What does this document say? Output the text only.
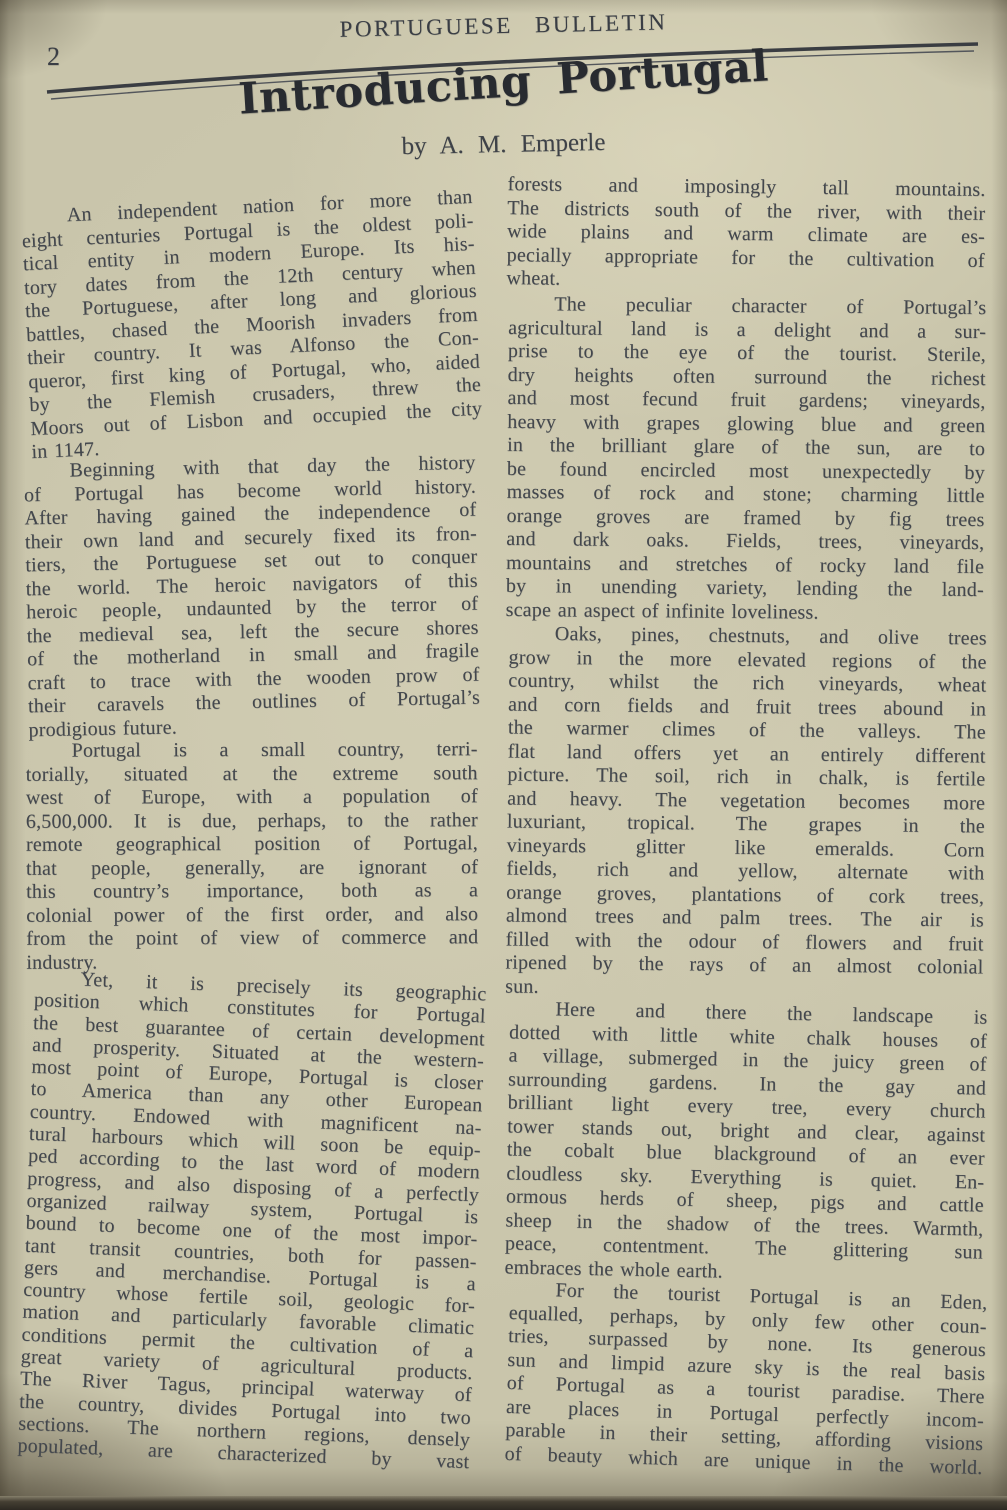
PORTUGUESE BULLETIN
2	Introducing Portugal
by A. M. Emperle

An independent nation for more than
eight centuries Portugal is the oldest poli-
tical entity in modern Europe. Its his-
tory dates from the 12th century when
the Portuguese, after long and glorious
battles, chased the Moorish invaders from
their country. It was Alfonso the Con-
queror, first king of Portugal, who, aided
by the Flemish crusaders, threw the
Moors out of Lisbon and occupied the city
in 1147.

Beginning with that day the history
of Portugal has become world history.
After having gained the independence of
their own land and securely fixed its fron-
tiers, the Portuguese set out to conquer
the world. The heroic navigators of this
heroic people, undaunted by the terror of
the medieval sea, left the secure shores
of the motherland in small and fragile
craft to trace with the wooden prow of
their caravels the outlines of Portugal’s
prodigious future.

Portugal is a small country, terri-
torially, situated at the extreme south
west of Europe, with a population of
6,500,000. It is due, perhaps, to the rather
remote geographical position of Portugal,
that people, generally, are ignorant of
this country’s importance, both as a
colonial power of the first order, and also
from the point of view of commerce and
industry.

Yet, it is precisely its geographic
position which constitutes for Portugal
the best guarantee of certain development
and prosperity. Situated at the western-
most point of Europe, Portugal is closer
to America than any other European
country. Endowed with magnificent na-
tural harbours which will soon be equip-
ped according to the last word of modern
progress, and also disposing of a perfectly
organized railway system, Portugal is
bound to become one of the most impor-
tant transit countries, both for passen-
gers and merchandise. Portugal is a
country whose fertile soil, geologic for-
mation and particularly favorable climatic
conditions permit the cultivation of a
great variety of agricultural products.
The River Tagus, principal waterway of
the country, divides Portugal into two
sections. The northern regions, densely
populated, are characterized by vast

forests and imposingly tall mountains.
The districts south of the river, with their
wide plains and warm climate are es-
pecially appropriate for the cultivation of
wheat.

The peculiar character of Portugal’s
agricultural land is a delight and a sur-
prise to the eye of the tourist. Sterile,
dry heights often surround the richest
and most fecund fruit gardens; vineyards,
heavy with grapes glowing blue and green
in the brilliant glare of the sun, are to
be found encircled most unexpectedly by
masses of rock and stone; charming little
orange groves are framed by fig trees
and dark oaks. Fields, trees, vineyards,
mountains and stretches of rocky land file
by in unending variety, lending the land-
scape an aspect of infinite loveliness.

Oaks, pines, chestnuts, and olive trees
grow in the more elevated regions of the
country, whilst the rich vineyards, wheat
and corn fields and fruit trees abound in
the warmer climes of the valleys. The
flat land offers yet an entirely different
picture. The soil, rich in chalk, is fertile
and heavy. The vegetation becomes more
luxuriant, tropical. The grapes in the
vineyards glitter like emeralds. Corn
fields, rich and yellow, alternate with
orange groves, plantations of cork trees,
almond trees and palm trees. The air is
filled with the odour of flowers and fruit
ripened by the rays of an almost colonial
sun.

Here and there the landscape is
dotted with little white chalk houses of
a village, submerged in the juicy green of
surrounding gardens. In the gay and
brilliant light every tree, every church
tower stands out, bright and clear, against
the cobalt blue blackground of an ever
cloudless sky. Everything is quiet. En-
ormous herds of sheep, pigs and cattle
sheep in the shadow of the trees. Warmth,
peace, contentment. The glittering sun
embraces the whole earth.

For the tourist Portugal is an Eden,
equalled, perhaps, by only few other coun-
tries, surpassed by none. Its generous
sun and limpid azure sky is the real basis
of Portugal as a tourist paradise. There
are places in Portugal perfectly incom-
parable in their setting, affording visions
of beauty which are unique in the world.
